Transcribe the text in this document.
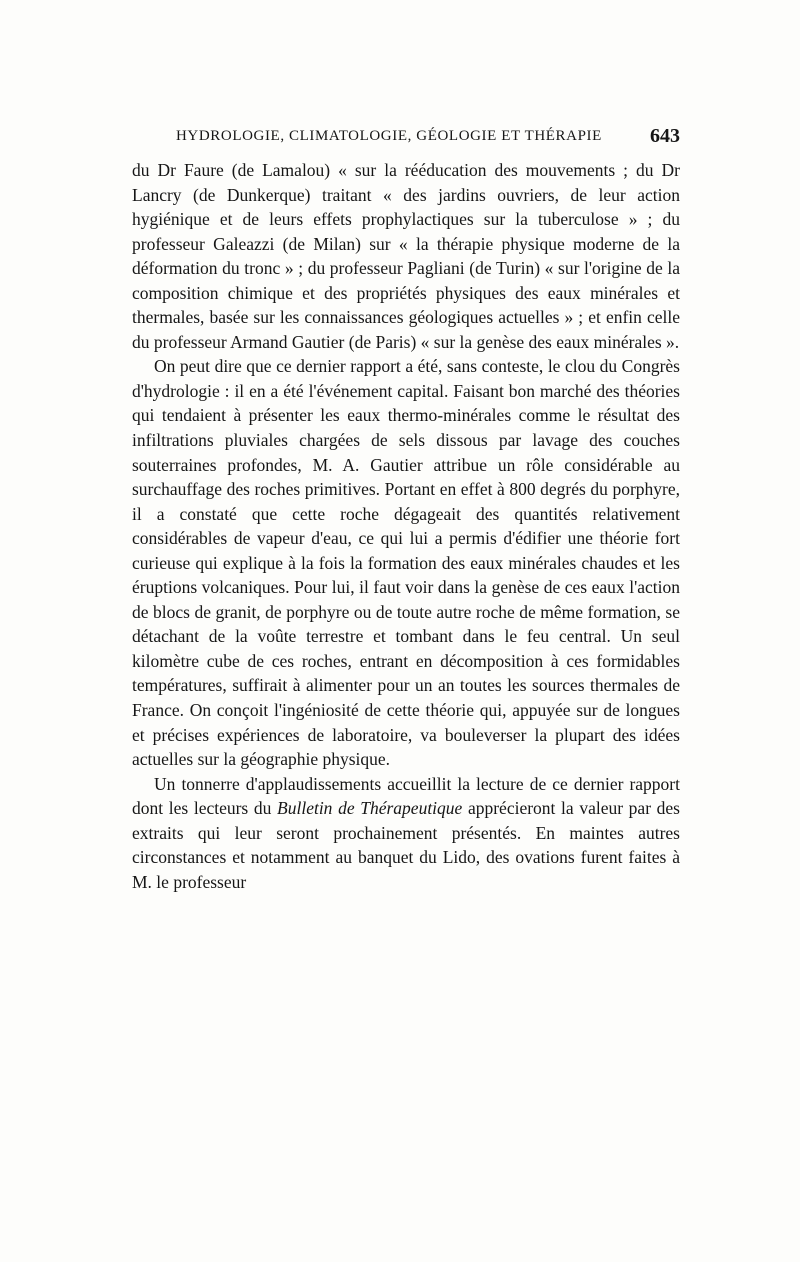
HYDROLOGIE, CLIMATOLOGIE, GÉOLOGIE ET THÉRAPIE 643

du Dr Faure (de Lamalou) « sur la rééducation des mouvements ; du Dr Lancry (de Dunkerque) traitant « des jardins ouvriers, de leur action hygiénique et de leurs effets prophylactiques sur la tuberculose » ; du professeur Galeazzi (de Milan) sur « la thérapie physique moderne de la déformation du tronc » ; du professeur Pagliani (de Turin) « sur l'origine de la composition chimique et des propriétés physiques des eaux minérales et thermales, basée sur les connaissances géologiques actuelles » ; et enfin celle du professeur Armand Gautier (de Paris) « sur la genèse des eaux minérales ».

On peut dire que ce dernier rapport a été, sans conteste, le clou du Congrès d'hydrologie : il en a été l'événement capital. Faisant bon marché des théories qui tendaient à présenter les eaux thermo-minérales comme le résultat des infiltrations pluviales chargées de sels dissous par lavage des couches souterraines profondes, M. A. Gautier attribue un rôle considérable au surchauffage des roches primitives. Portant en effet à 800 degrés du porphyre, il a constaté que cette roche dégageait des quantités relativement considérables de vapeur d'eau, ce qui lui a permis d'édifier une théorie fort curieuse qui explique à la fois la formation des eaux minérales chaudes et les éruptions volcaniques. Pour lui, il faut voir dans la genèse de ces eaux l'action de blocs de granit, de porphyre ou de toute autre roche de même formation, se détachant de la voûte terrestre et tombant dans le feu central. Un seul kilomètre cube de ces roches, entrant en décomposition à ces formidables températures, suffirait à alimenter pour un an toutes les sources thermales de France. On conçoit l'ingéniosité de cette théorie qui, appuyée sur de longues et précises expériences de laboratoire, va bouleverser la plupart des idées actuelles sur la géographie physique.

Un tonnerre d'applaudissements accueillit la lecture de ce dernier rapport dont les lecteurs du Bulletin de Thérapeutique apprécieront la valeur par des extraits qui leur seront prochainement présentés. En maintes autres circonstances et notamment au banquet du Lido, des ovations furent faites à M. le professeur
